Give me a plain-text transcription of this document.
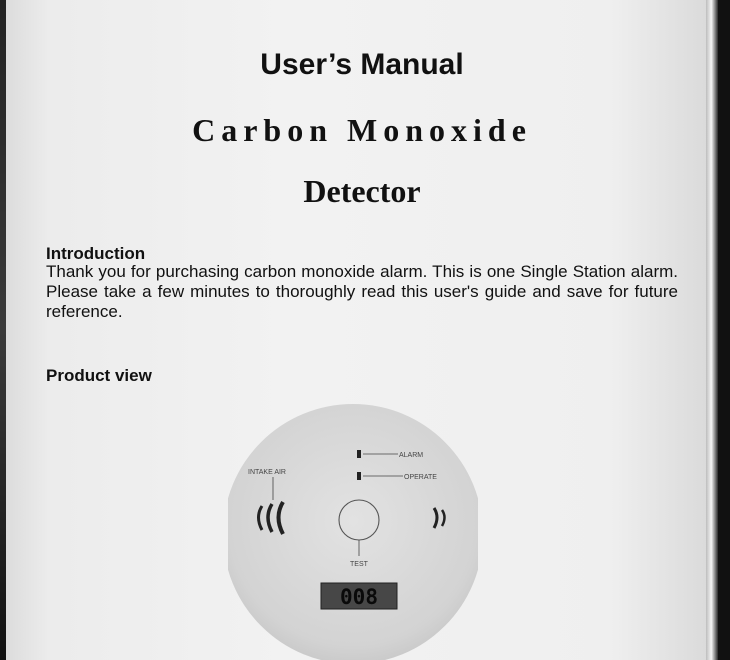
User’s Manual
Carbon Monoxide
Detector
Introduction
Thank you for purchasing carbon monoxide alarm. This is one Single Station alarm. Please take a few minutes to thoroughly read this user's guide and save for future reference.
Product view
ALARM
OPERATE
INTAKE AIR
TEST
008
